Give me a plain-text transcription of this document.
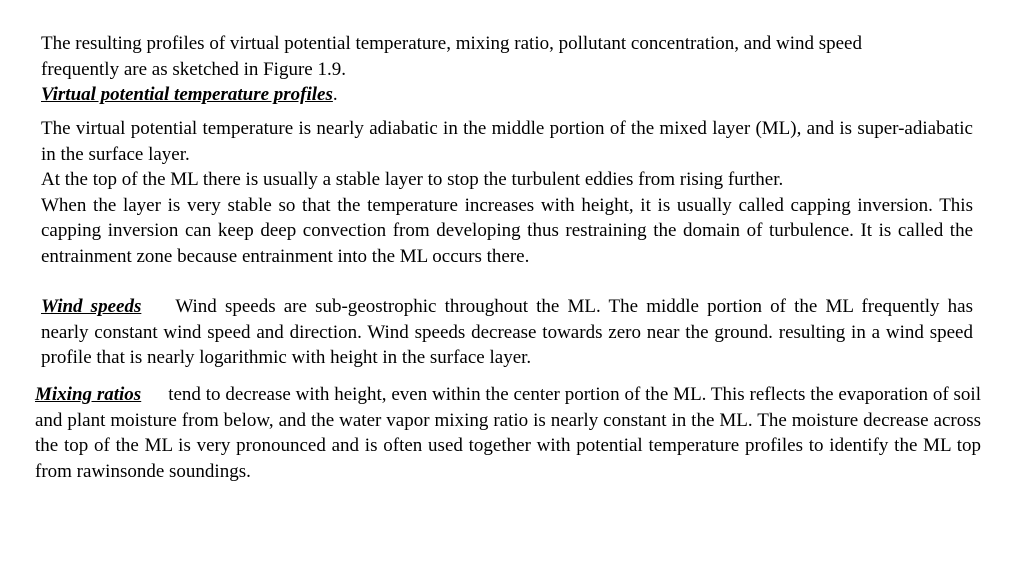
The resulting profiles of virtual potential temperature, mixing ratio, pollutant concentration, and wind speed
frequently are as sketched in Figure 1.9.
Virtual potential temperature profiles.

The virtual potential temperature is nearly adiabatic in the middle portion of the mixed layer (ML), and is super-adiabatic in the surface layer.

At the top of the ML there is usually a stable layer to stop the turbulent eddies from rising further.

When the layer is very stable so that the temperature increases with height, it is usually called capping inversion. This capping inversion can keep deep convection from developing thus restraining the domain of turbulence. It is called the entrainment zone because entrainment into the ML occurs there.

Wind speeds Wind speeds are sub-geostrophic throughout the ML. The middle portion of the ML frequently has nearly constant wind speed and direction. Wind speeds decrease towards zero near the ground. resulting in a wind speed profile that is nearly logarithmic with height in the surface layer.
Mixing ratios tend to decrease with height, even within the center portion of the ML. This reflects the evaporation of soil and plant moisture from below, and the water vapor mixing ratio is nearly constant in the ML. The moisture decrease across the top of the ML is very pronounced and is often used together with potential temperature profiles to identify the ML top from rawinsonde soundings.
